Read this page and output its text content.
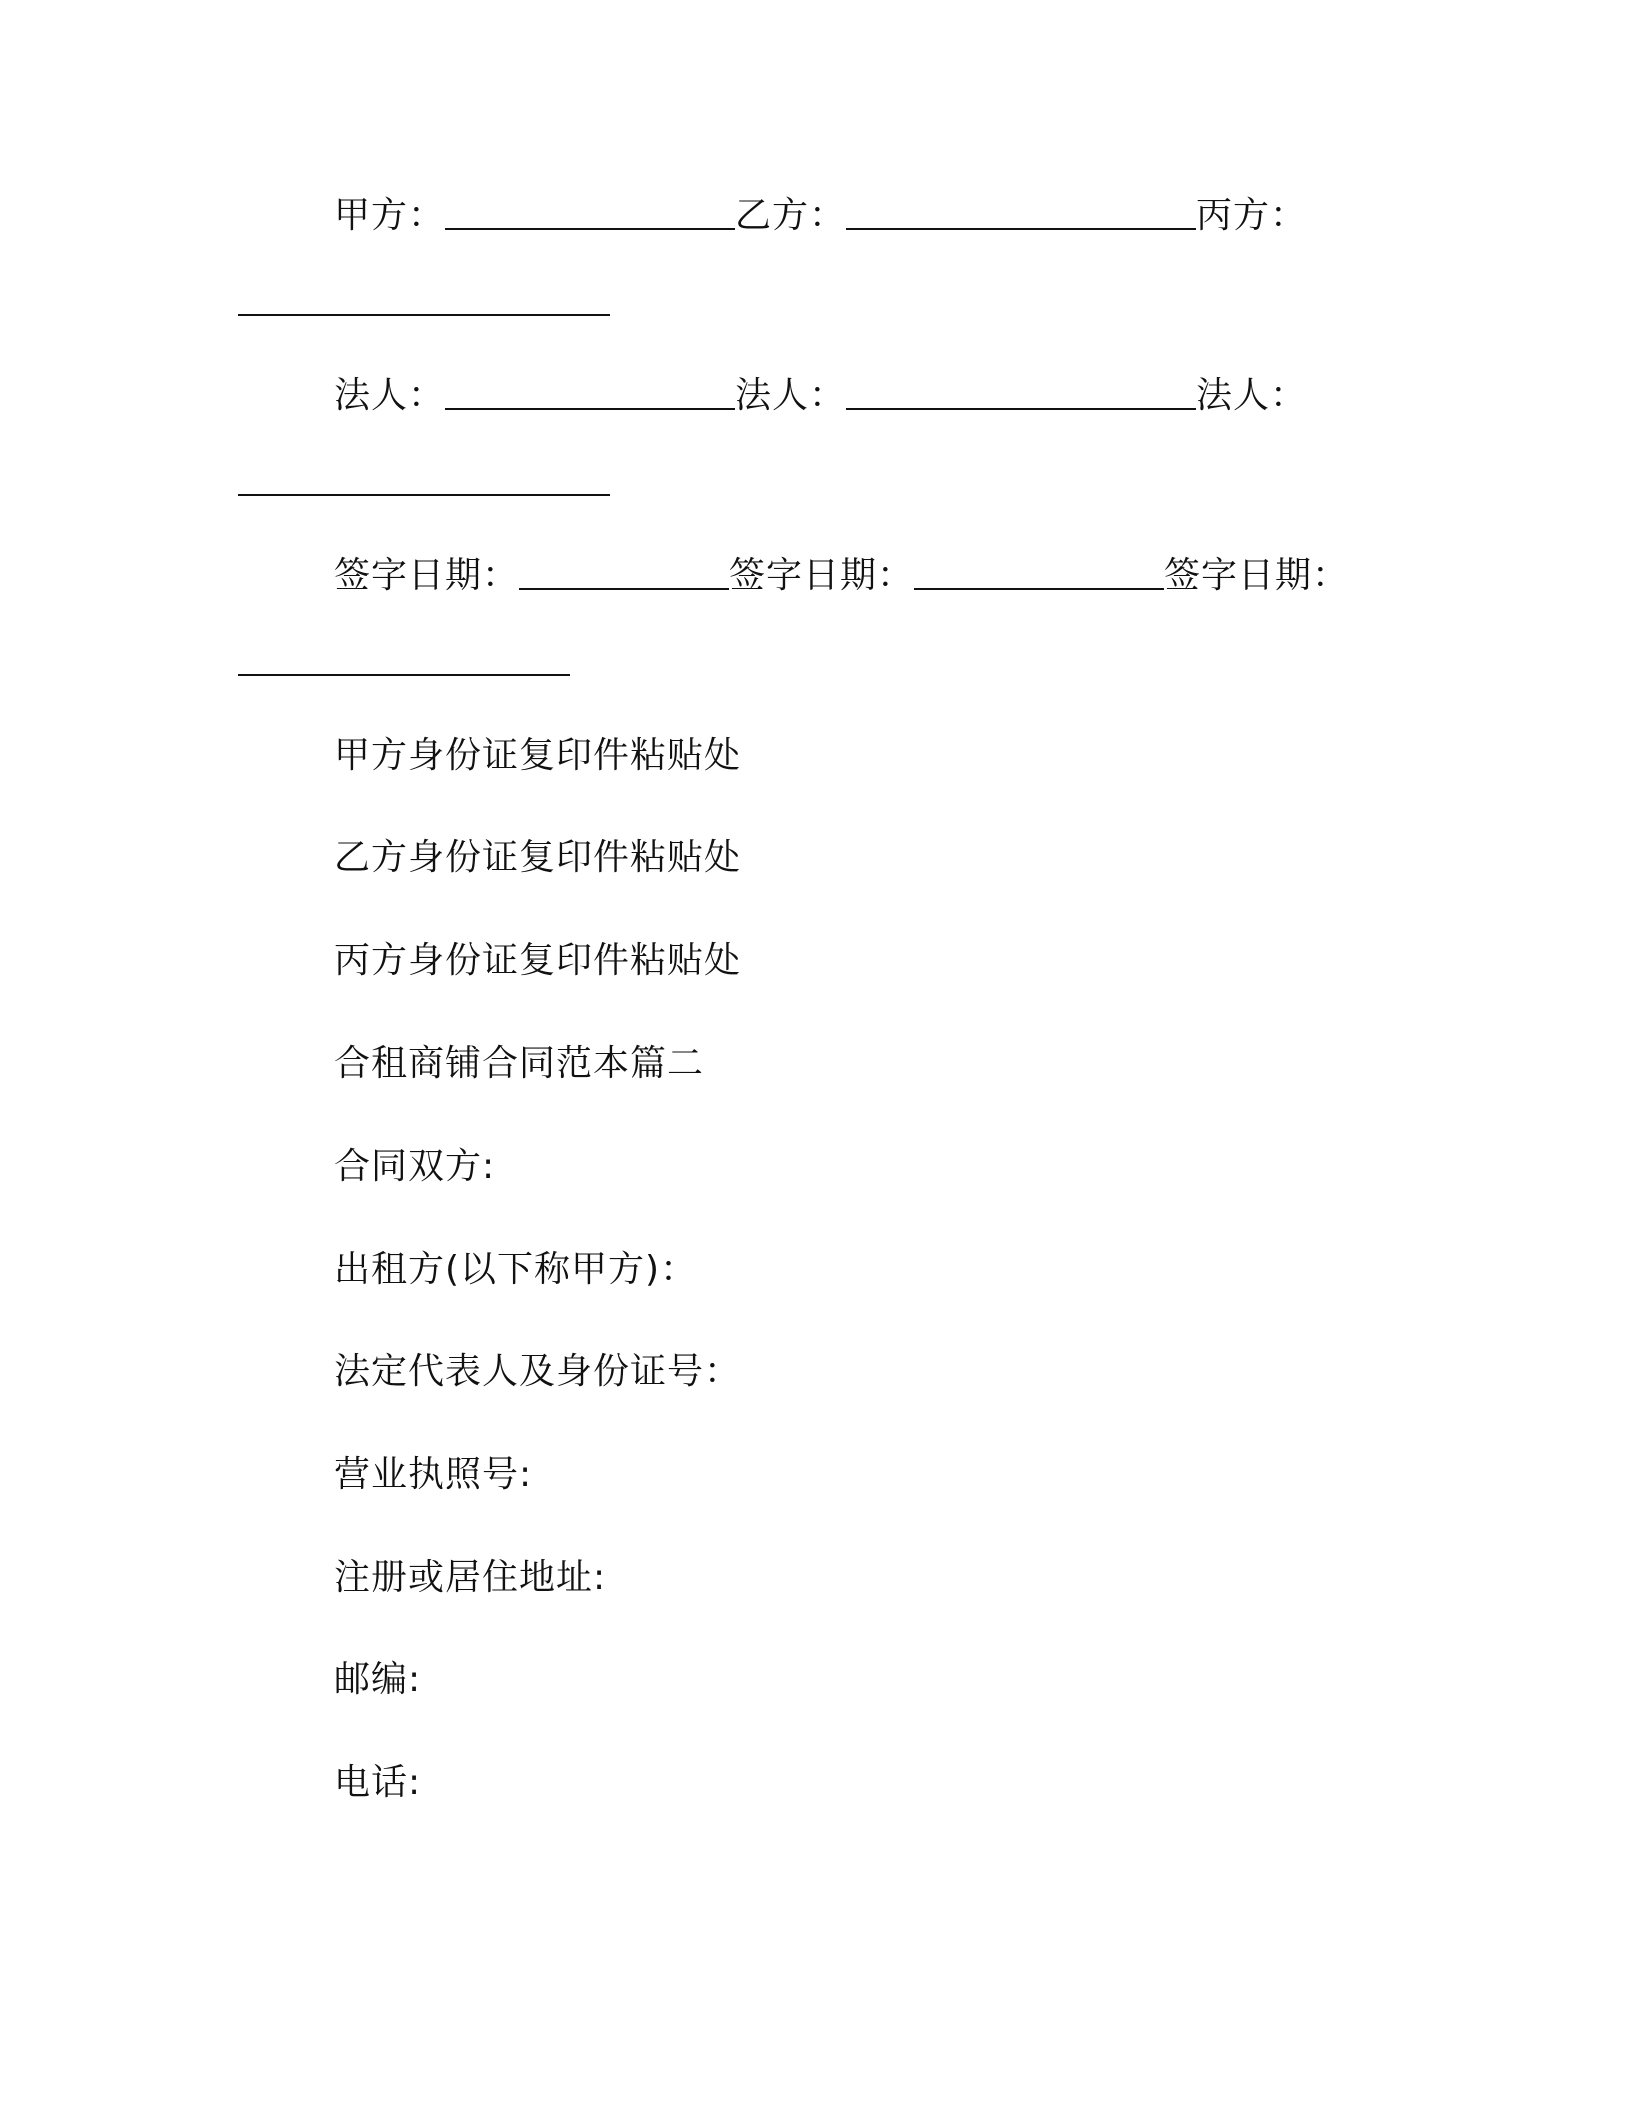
甲方：	乙方：	丙方：
法人：	法人：	法人：
签字日期：	签字日期：	签字日期：
甲方身份证复印件粘贴处
乙方身份证复印件粘贴处
丙方身份证复印件粘贴处
合租商铺合同范本篇二
合同双方:
出租方(以下称甲方)：
法定代表人及身份证号：
营业执照号:
注册或居住地址:
邮编:
电话:
